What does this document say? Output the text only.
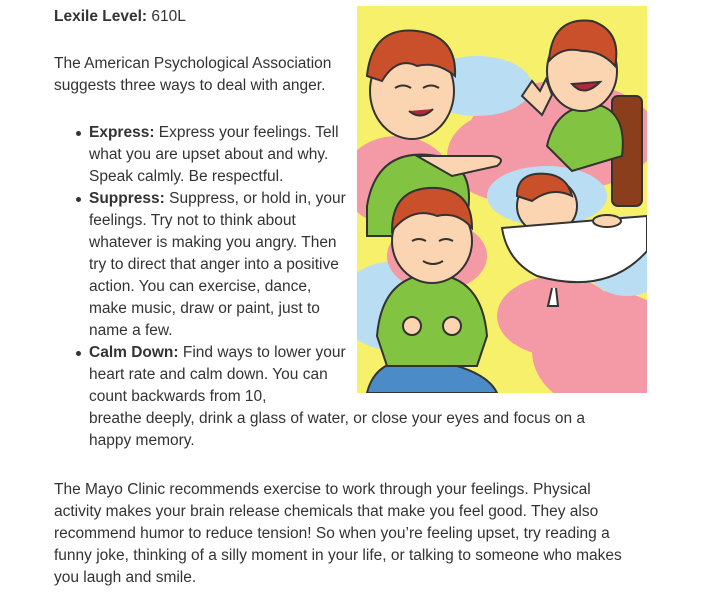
Lexile Level: 610L

The American Psychological Association suggests three ways to deal with anger.

Express: Express your feelings. Tell what you are upset about and why. Speak calmly. Be respectful.
Suppress: Suppress, or hold in, your feelings. Try not to think about whatever is making you angry. Then try to direct that anger into a positive action. You can exercise, dance, make music, draw or paint, just to name a few.
Calm Down: Find ways to lower your heart rate and calm down. You can count backwards from 10,
breathe deeply, drink a glass of water, or close your eyes and focus on a happy memory.

The Mayo Clinic recommends exercise to work through your feelings. Physical activity makes your brain release chemicals that make you feel good. They also recommend humor to reduce tension! So when you’re feeling upset, try reading a funny joke, thinking of a silly moment in your life, or talking to someone who makes you laugh and smile.
